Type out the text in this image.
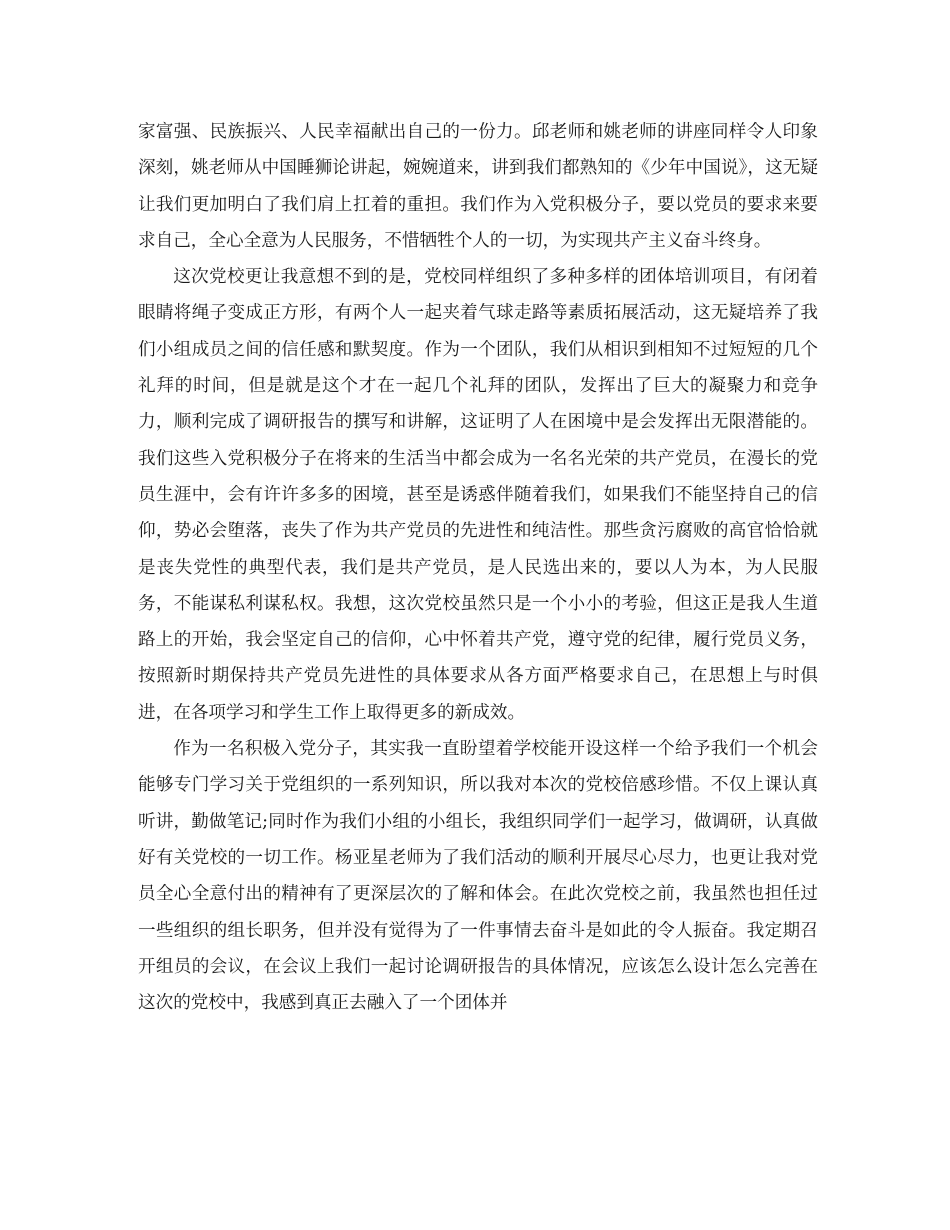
家富强、民族振兴、人民幸福献出自己的一份力。邱老师和姚老师的讲座同样令人印象深刻，姚老师从中国睡狮论讲起，婉婉道来，讲到我们都熟知的《少年中国说》，这无疑让我们更加明白了我们肩上扛着的重担。我们作为入党积极分子，要以党员的要求来要求自己，全心全意为人民服务，不惜牺牲个人的一切，为实现共产主义奋斗终身。

这次党校更让我意想不到的是，党校同样组织了多种多样的团体培训项目，有闭着眼睛将绳子变成正方形，有两个人一起夹着气球走路等素质拓展活动，这无疑培养了我们小组成员之间的信任感和默契度。作为一个团队，我们从相识到相知不过短短的几个礼拜的时间，但是就是这个才在一起几个礼拜的团队，发挥出了巨大的凝聚力和竞争力，顺利完成了调研报告的撰写和讲解，这证明了人在困境中是会发挥出无限潜能的。我们这些入党积极分子在将来的生活当中都会成为一名名光荣的共产党员，在漫长的党员生涯中，会有许许多多的困境，甚至是诱惑伴随着我们，如果我们不能坚持自己的信仰，势必会堕落，丧失了作为共产党员的先进性和纯洁性。那些贪污腐败的高官恰恰就是丧失党性的典型代表，我们是共产党员，是人民选出来的，要以人为本，为人民服务，不能谋私利谋私权。我想，这次党校虽然只是一个小小的考验，但这正是我人生道路上的开始，我会坚定自己的信仰，心中怀着共产党，遵守党的纪律，履行党员义务，按照新时期保持共产党员先进性的具体要求从各方面严格要求自己，在思想上与时俱进，在各项学习和学生工作上取得更多的新成效。

作为一名积极入党分子，其实我一直盼望着学校能开设这样一个给予我们一个机会能够专门学习关于党组织的一系列知识，所以我对本次的党校倍感珍惜。不仅上课认真听讲，勤做笔记;同时作为我们小组的小组长，我组织同学们一起学习，做调研，认真做好有关党校的一切工作。杨亚星老师为了我们活动的顺利开展尽心尽力，也更让我对党员全心全意付出的精神有了更深层次的了解和体会。在此次党校之前，我虽然也担任过一些组织的组长职务，但并没有觉得为了一件事情去奋斗是如此的令人振奋。我定期召开组员的会议，在会议上我们一起讨论调研报告的具体情况，应该怎么设计怎么完善在这次的党校中，我感到真正去融入了一个团体并
